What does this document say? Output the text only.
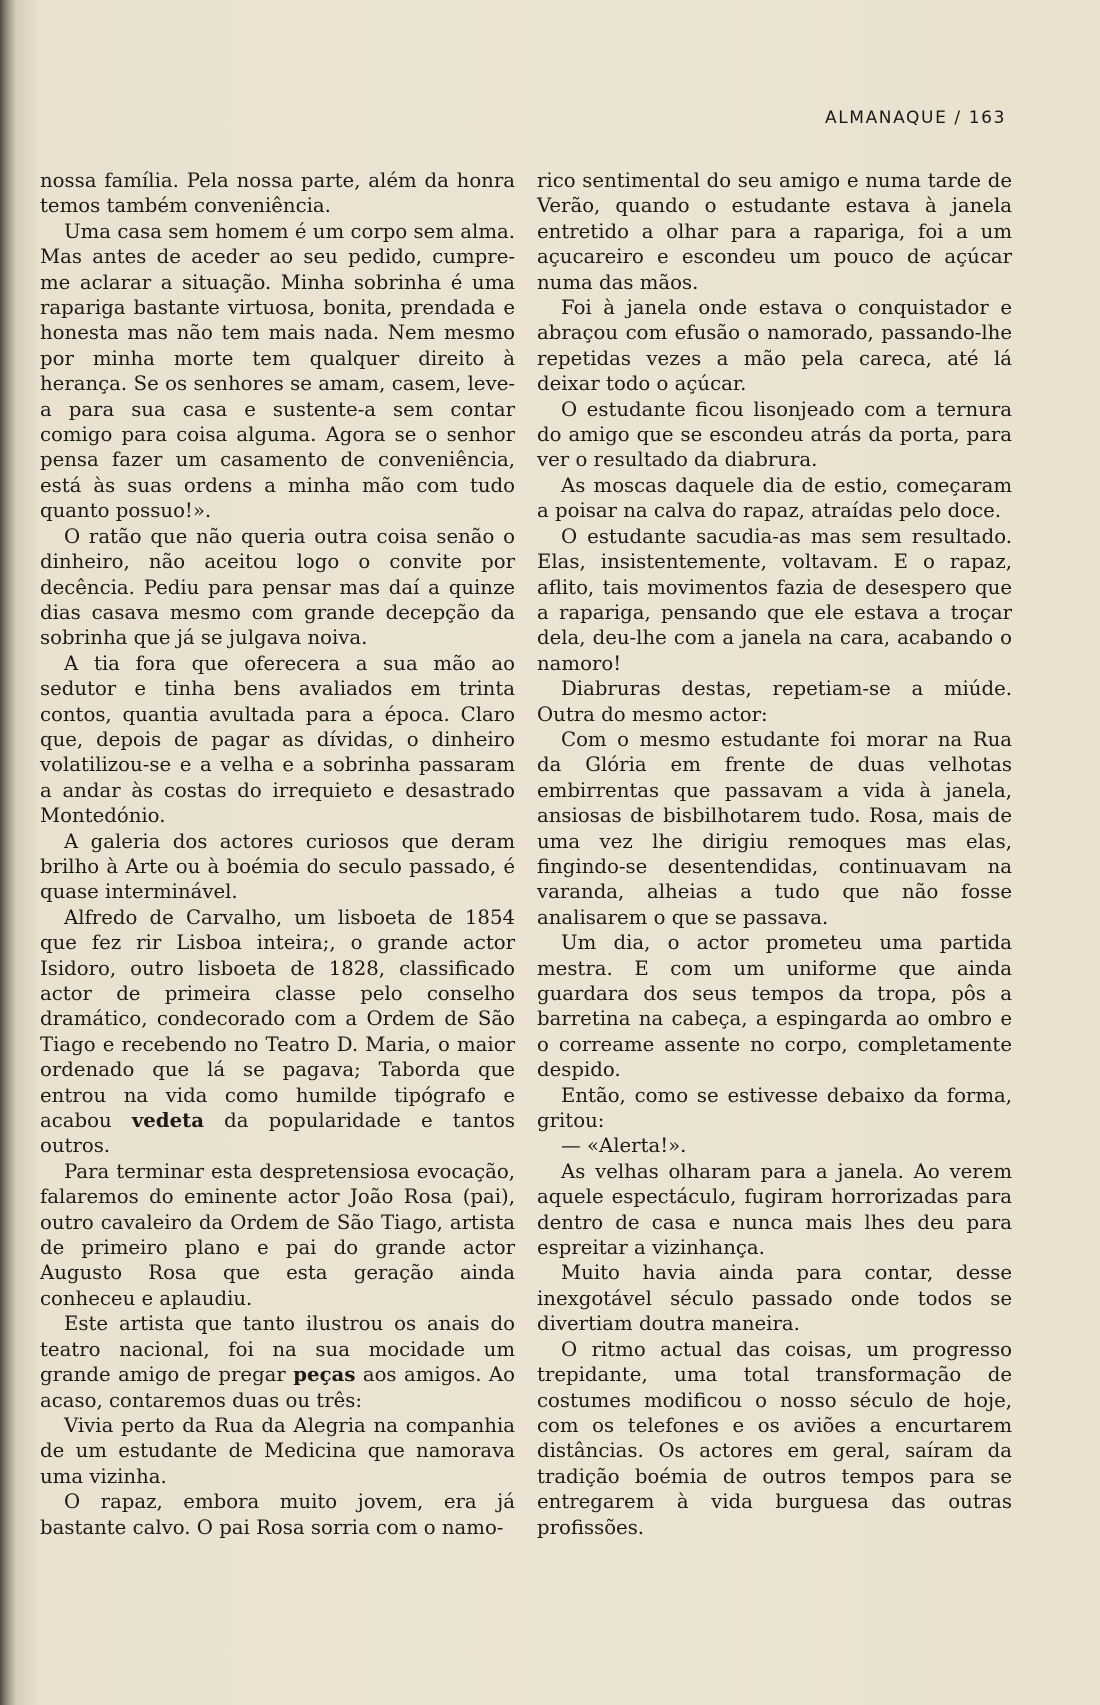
ALMANAQUE / 163

nossa família. Pela nossa parte, além da honra temos também conveniência.

Uma casa sem homem é um corpo sem alma. Mas antes de aceder ao seu pedido, cumpre-me aclarar a situação. Minha sobrinha é uma rapariga bastante virtuosa, bonita, prendada e honesta mas não tem mais nada. Nem mesmo por minha morte tem qualquer direito à herança. Se os senhores se amam, casem, leve-a para sua casa e sustente-a sem contar comigo para coisa alguma. Agora se o senhor pensa fazer um casamento de conveniência, está às suas ordens a minha mão com tudo quanto possuo!».

O ratão que não queria outra coisa senão o dinheiro, não aceitou logo o convite por decência. Pediu para pensar mas daí a quinze dias casava mesmo com grande decepção da sobrinha que já se julgava noiva.

A tia fora que oferecera a sua mão ao sedutor e tinha bens avaliados em trinta contos, quantia avultada para a época. Claro que, depois de pagar as dívidas, o dinheiro volatilizou-se e a velha e a sobrinha passaram a andar às costas do irrequieto e desastrado Montedónio.

A galeria dos actores curiosos que deram brilho à Arte ou à boémia do seculo passado, é quase interminável.

Alfredo de Carvalho, um lisboeta de 1854 que fez rir Lisboa inteira;, o grande actor Isidoro, outro lisboeta de 1828, classificado actor de primeira classe pelo conselho dramático, condecorado com a Ordem de São Tiago e recebendo no Teatro D. Maria, o maior ordenado que lá se pagava; Taborda que entrou na vida como humilde tipógrafo e acabou vedeta da popularidade e tantos outros.

Para terminar esta despretensiosa evocação, falaremos do eminente actor João Rosa (pai), outro cavaleiro da Ordem de São Tiago, artista de primeiro plano e pai do grande actor Augusto Rosa que esta geração ainda conheceu e aplaudiu.

Este artista que tanto ilustrou os anais do teatro nacional, foi na sua mocidade um grande amigo de pregar peças aos amigos. Ao acaso, contaremos duas ou três:

Vivia perto da Rua da Alegria na companhia de um estudante de Medicina que namorava uma vizinha.

O rapaz, embora muito jovem, era já bastante calvo. O pai Rosa sorria com o namo-

rico sentimental do seu amigo e numa tarde de Verão, quando o estudante estava à janela entretido a olhar para a rapariga, foi a um açucareiro e escondeu um pouco de açúcar numa das mãos.

Foi à janela onde estava o conquistador e abraçou com efusão o namorado, passando-lhe repetidas vezes a mão pela careca, até lá deixar todo o açúcar.

O estudante ficou lisonjeado com a ternura do amigo que se escondeu atrás da porta, para ver o resultado da diabrura.

As moscas daquele dia de estio, começaram a poisar na calva do rapaz, atraídas pelo doce.

O estudante sacudia-as mas sem resultado. Elas, insistentemente, voltavam. E o rapaz, aflito, tais movimentos fazia de desespero que a rapariga, pensando que ele estava a troçar dela, deu-lhe com a janela na cara, acabando o namoro!

Diabruras destas, repetiam-se a miúde. Outra do mesmo actor:

Com o mesmo estudante foi morar na Rua da Glória em frente de duas velhotas embirrentas que passavam a vida à janela, ansiosas de bisbilhotarem tudo. Rosa, mais de uma vez lhe dirigiu remoques mas elas, fingindo-se desentendidas, continuavam na varanda, alheias a tudo que não fosse analisarem o que se passava.

Um dia, o actor prometeu uma partida mestra. E com um uniforme que ainda guardara dos seus tempos da tropa, pôs a barretina na cabeça, a espingarda ao ombro e o correame assente no corpo, completamente despido.

Então, como se estivesse debaixo da forma, gritou:

— «Alerta!».

As velhas olharam para a janela. Ao verem aquele espectáculo, fugiram horrorizadas para dentro de casa e nunca mais lhes deu para espreitar a vizinhança.

Muito havia ainda para contar, desse inexgotável século passado onde todos se divertiam doutra maneira.

O ritmo actual das coisas, um progresso trepidante, uma total transformação de costumes modificou o nosso século de hoje, com os telefones e os aviões a encurtarem distâncias. Os actores em geral, saíram da tradição boémia de outros tempos para se entregarem à vida burguesa das outras profissões.
